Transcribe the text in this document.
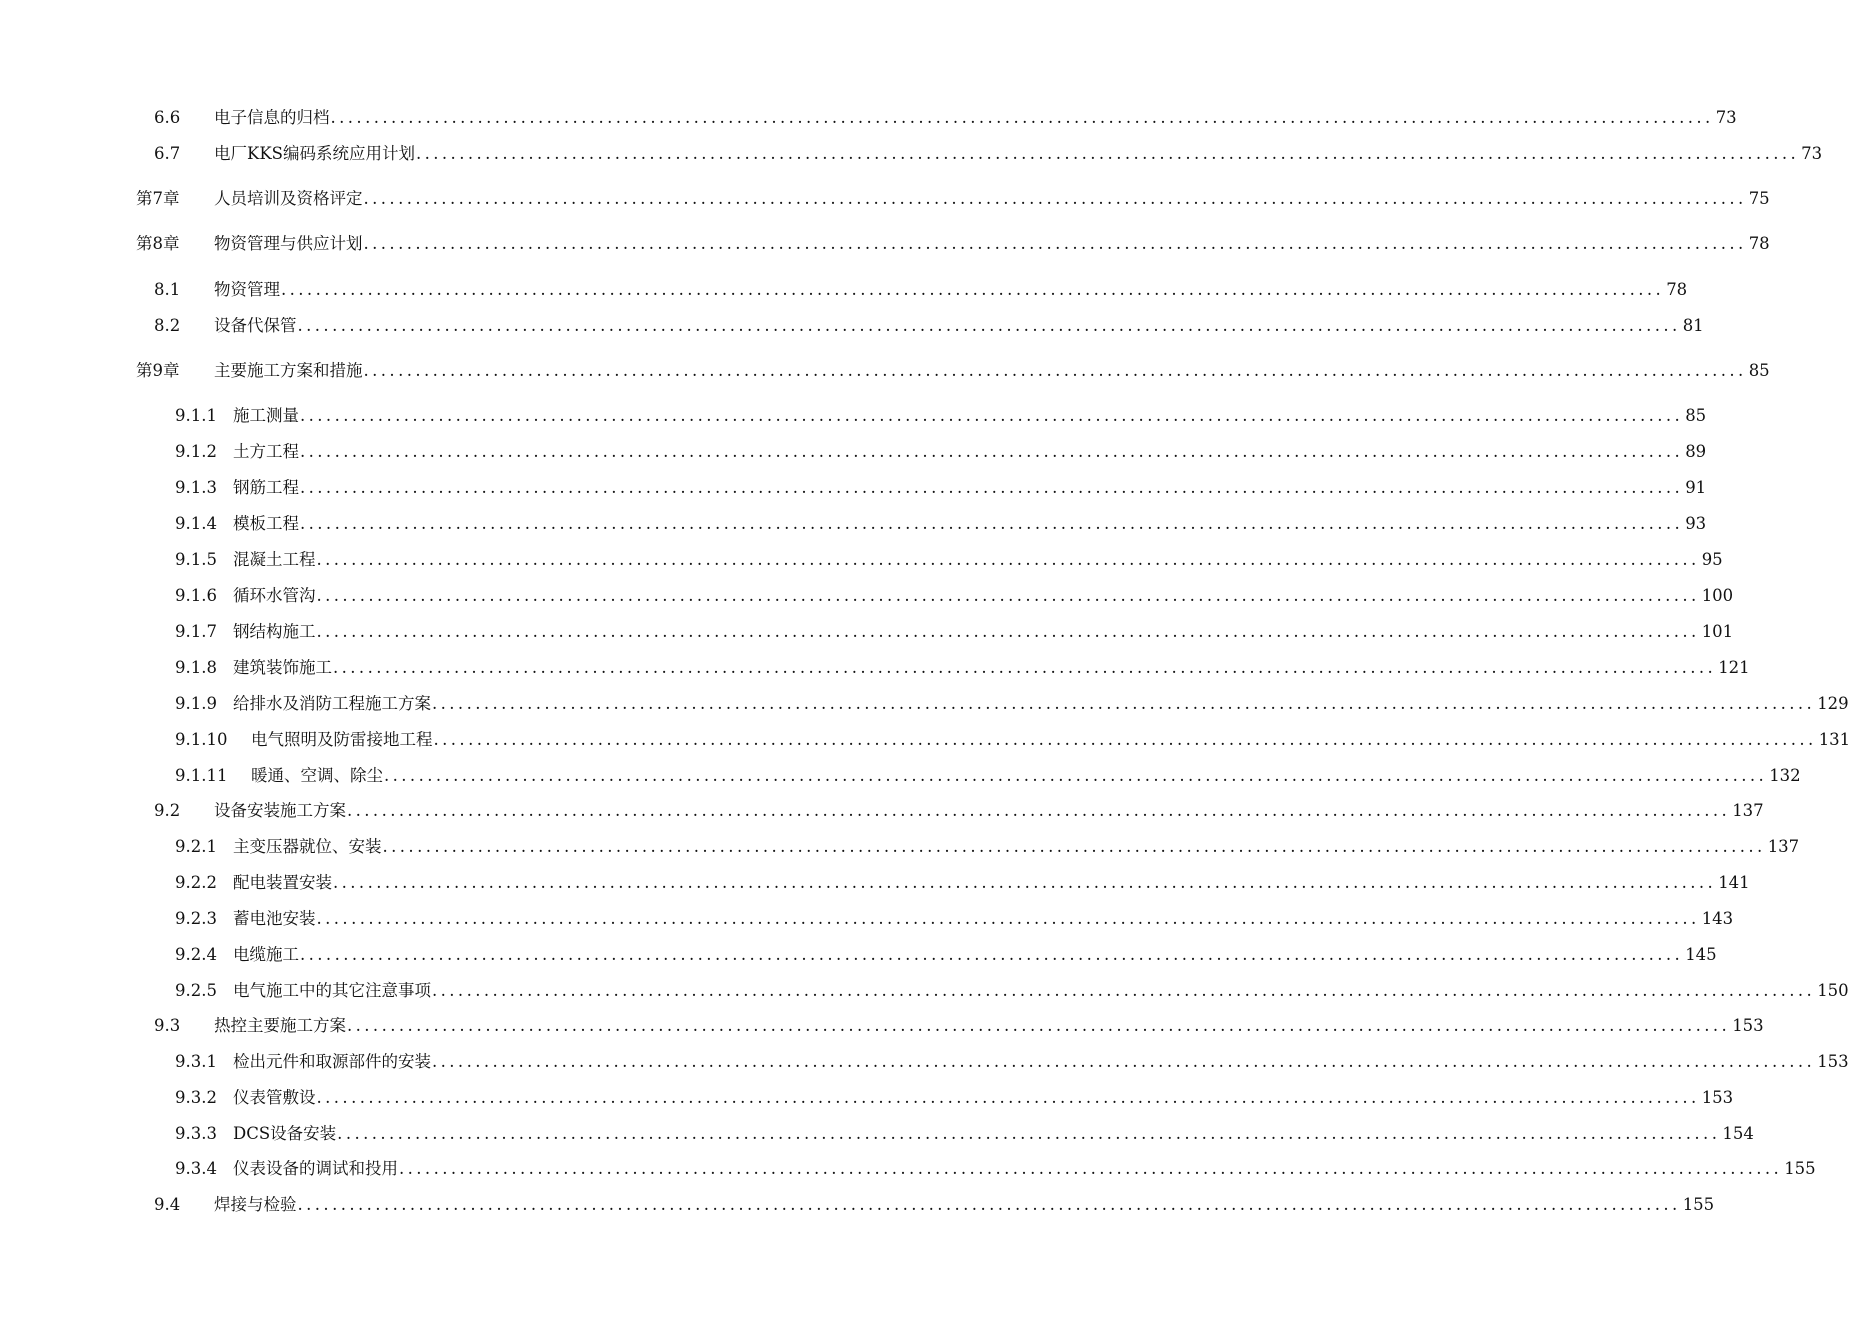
6.6	电子信息的归档 ................................................................................................................................................................ 73
6.7	电厂KKS编码系统应用计划 ................................................................................................................................................................ 73
第7章	人员培训及资格评定 ................................................................................................................................................................ 75
第8章	物资管理与供应计划 ................................................................................................................................................................ 78
8.1	物资管理 ................................................................................................................................................................ 78
8.2	设备代保管 ................................................................................................................................................................ 81
第9章	主要施工方案和措施 ................................................................................................................................................................ 85
9.1.1 施工测量 ................................................................................................................................................................ 85
9.1.2 土方工程 ................................................................................................................................................................ 89
9.1.3 钢筋工程 ................................................................................................................................................................ 91
9.1.4 模板工程 ................................................................................................................................................................ 93
9.1.5 混凝土工程 ................................................................................................................................................................ 95
9.1.6 循环水管沟 ................................................................................................................................................................ 100
9.1.7 钢结构施工 ................................................................................................................................................................ 101
9.1.8 建筑装饰施工 ................................................................................................................................................................ 121
9.1.9 给排水及消防工程施工方案 ................................................................................................................................................................ 129
9.1.10	电气照明及防雷接地工程 ................................................................................................................................................................ 131
9.1.11	暖通、空调、除尘 ................................................................................................................................................................ 132
9.2	设备安装施工方案 ................................................................................................................................................................ 137
9.2.1 主变压器就位、安装 ................................................................................................................................................................ 137
9.2.2 配电装置安装 ................................................................................................................................................................ 141
9.2.3 蓄电池安装 ................................................................................................................................................................ 143
9.2.4 电缆施工 ................................................................................................................................................................ 145
9.2.5 电气施工中的其它注意事项 ................................................................................................................................................................ 150
9.3	热控主要施工方案 ................................................................................................................................................................ 153
9.3.1 检出元件和取源部件的安装 ................................................................................................................................................................ 153
9.3.2 仪表管敷设 ................................................................................................................................................................ 153
9.3.3 DCS设备安装 ................................................................................................................................................................ 154
9.3.4 仪表设备的调试和投用 ................................................................................................................................................................ 155
9.4	焊接与检验 ................................................................................................................................................................ 155
